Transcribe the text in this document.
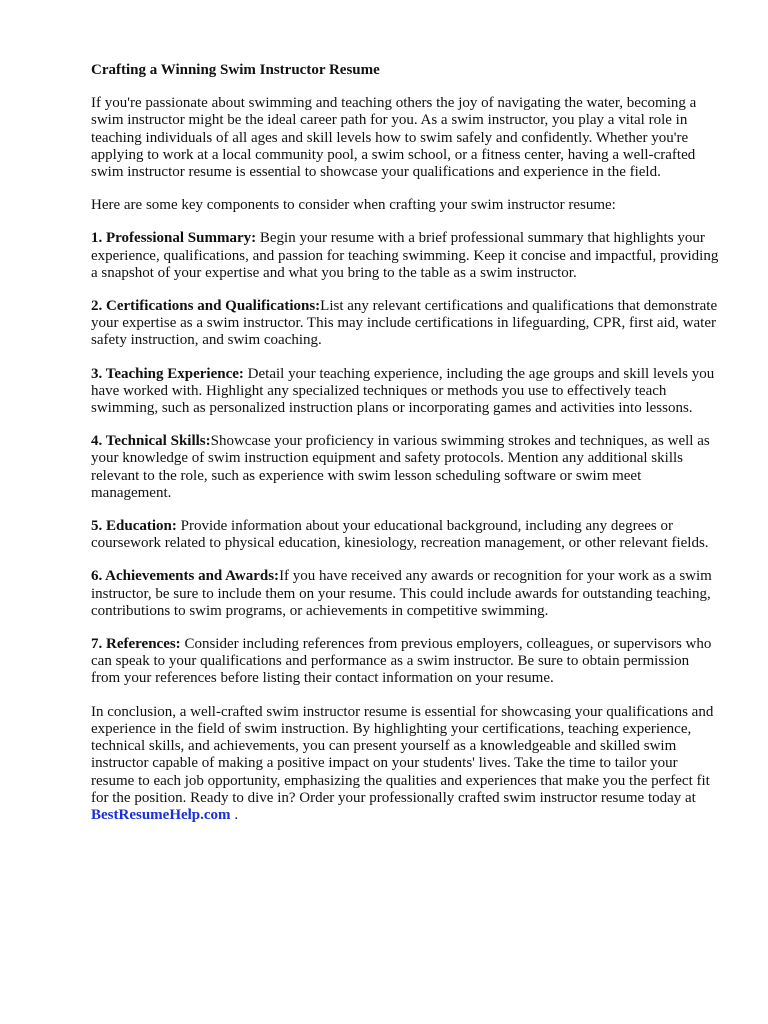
Crafting a Winning Swim Instructor Resume
If you're passionate about swimming and teaching others the joy of navigating the water, becoming a swim instructor might be the ideal career path for you. As a swim instructor, you play a vital role in teaching individuals of all ages and skill levels how to swim safely and confidently. Whether you're applying to work at a local community pool, a swim school, or a fitness center, having a well-crafted swim instructor resume is essential to showcase your qualifications and experience in the field.
Here are some key components to consider when crafting your swim instructor resume:
1. Professional Summary: Begin your resume with a brief professional summary that highlights your experience, qualifications, and passion for teaching swimming. Keep it concise and impactful, providing a snapshot of your expertise and what you bring to the table as a swim instructor.
2. Certifications and Qualifications:List any relevant certifications and qualifications that demonstrate your expertise as a swim instructor. This may include certifications in lifeguarding, CPR, first aid, water safety instruction, and swim coaching.
3. Teaching Experience: Detail your teaching experience, including the age groups and skill levels you have worked with. Highlight any specialized techniques or methods you use to effectively teach swimming, such as personalized instruction plans or incorporating games and activities into lessons.
4. Technical Skills:Showcase your proficiency in various swimming strokes and techniques, as well as your knowledge of swim instruction equipment and safety protocols. Mention any additional skills relevant to the role, such as experience with swim lesson scheduling software or swim meet management.
5. Education: Provide information about your educational background, including any degrees or coursework related to physical education, kinesiology, recreation management, or other relevant fields.
6. Achievements and Awards:If you have received any awards or recognition for your work as a swim instructor, be sure to include them on your resume. This could include awards for outstanding teaching, contributions to swim programs, or achievements in competitive swimming.
7. References: Consider including references from previous employers, colleagues, or supervisors who can speak to your qualifications and performance as a swim instructor. Be sure to obtain permission from your references before listing their contact information on your resume.
In conclusion, a well-crafted swim instructor resume is essential for showcasing your qualifications and experience in the field of swim instruction. By highlighting your certifications, teaching experience, technical skills, and achievements, you can present yourself as a knowledgeable and skilled swim instructor capable of making a positive impact on your students' lives. Take the time to tailor your resume to each job opportunity, emphasizing the qualities and experiences that make you the perfect fit for the position. Ready to dive in? Order your professionally crafted swim instructor resume today at BestResumeHelp.com .
